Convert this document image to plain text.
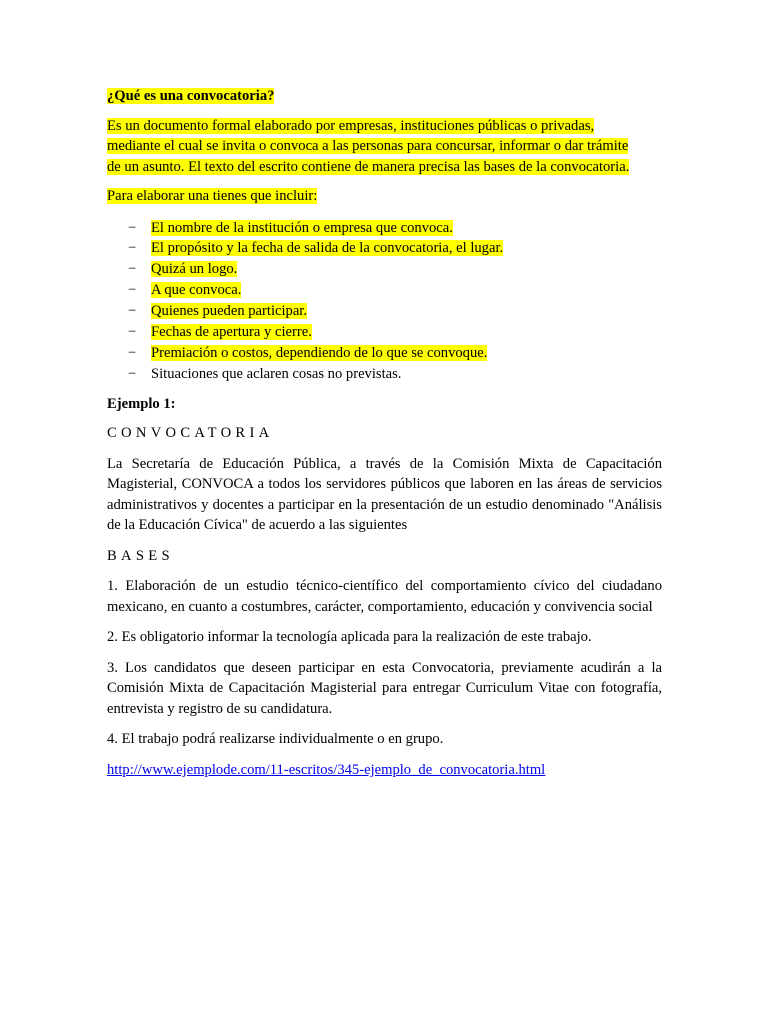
¿Qué es una convocatoria?

Es un documento formal elaborado por empresas, instituciones públicas o privadas,
mediante el cual se invita o convoca a las personas para concursar, informar o dar trámite
de un asunto. El texto del escrito contiene de manera precisa las bases de la convocatoria.

Para elaborar una tienes que incluir:

− El nombre de la institución o empresa que convoca.
− El propósito y la fecha de salida de la convocatoria, el lugar.
− Quizá un logo.
− A que convoca.
− Quienes pueden participar.
− Fechas de apertura y cierre.
− Premiación o costos, dependiendo de lo que se convoque.
− Situaciones que aclaren cosas no previstas.

Ejemplo 1:

CONVOCATORIA

La Secretaría de Educación Pública, a través de la Comisión Mixta de Capacitación Magisterial, CONVOCA a todos los servidores públicos que laboren en las áreas de servicios administrativos y docentes a participar en la presentación de un estudio denominado "Análisis de la Educación Cívica" de acuerdo a las siguientes

BASES

1. Elaboración de un estudio técnico-científico del comportamiento cívico del ciudadano mexicano, en cuanto a costumbres, carácter, comportamiento, educación y convivencia social

2. Es obligatorio informar la tecnología aplicada para la realización de este trabajo.

3. Los candidatos que deseen participar en esta Convocatoria, previamente acudirán a la Comisión Mixta de Capacitación Magisterial para entregar Curriculum Vitae con fotografía, entrevista y registro de su candidatura.

4. El trabajo podrá realizarse individualmente o en grupo.

http://www.ejemplode.com/11-escritos/345-ejemplo_de_convocatoria.html
